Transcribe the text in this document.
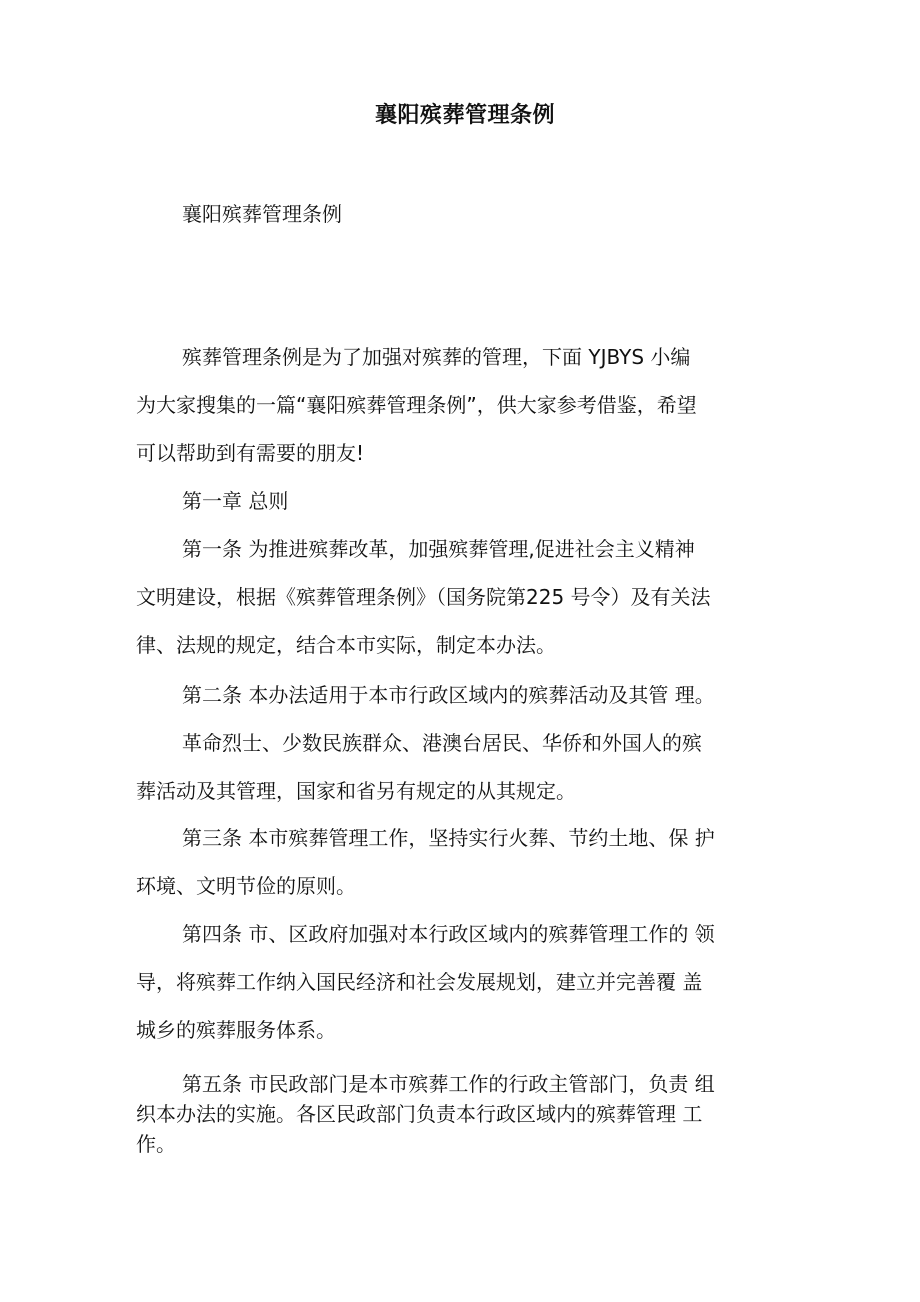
襄阳殡葬管理条例
襄阳殡葬管理条例
殡葬管理条例是为了加强对殡葬的管理，下面 YJBYS 小编
为大家搜集的一篇“襄阳殡葬管理条例”，供大家参考借鉴，希望
可以帮助到有需要的朋友!
第一章 总则
第一条 为推进殡葬改革，加强殡葬管理,促进社会主义精神
文明建设，根据《殡葬管理条例》（国务院第225 号令）及有关法
律、法规的规定，结合本市实际，制定本办法。
第二条 本办法适用于本市行政区域内的殡葬活动及其管 理。
革命烈士、少数民族群众、港澳台居民、华侨和外国人的殡
葬活动及其管理，国家和省另有规定的从其规定。
第三条 本市殡葬管理工作，坚持实行火葬、节约土地、保 护
环境、文明节俭的原则。
第四条 市、区政府加强对本行政区域内的殡葬管理工作的 领
导，将殡葬工作纳入国民经济和社会发展规划，建立并完善覆 盖
城乡的殡葬服务体系。
第五条 市民政部门是本市殡葬工作的行政主管部门，负责 组
织本办法的实施。各区民政部门负责本行政区域内的殡葬管理 工
作。
